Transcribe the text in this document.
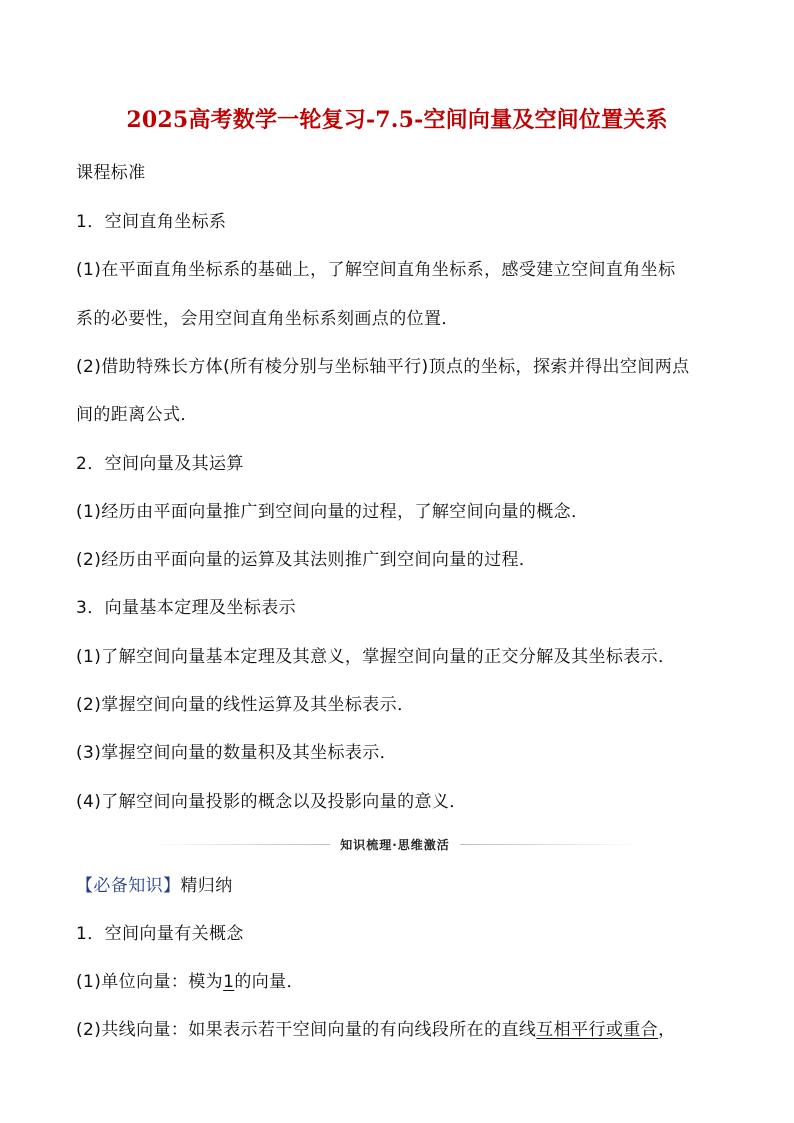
2025高考数学一轮复习-7.5-空间向量及空间位置关系
课程标准
1．空间直角坐标系
(1)在平面直角坐标系的基础上，了解空间直角坐标系，感受建立空间直角坐标
系的必要性，会用空间直角坐标系刻画点的位置．
(2)借助特殊长方体(所有棱分别与坐标轴平行)顶点的坐标，探索并得出空间两点
间的距离公式．
2．空间向量及其运算
(1)经历由平面向量推广到空间向量的过程，了解空间向量的概念．
(2)经历由平面向量的运算及其法则推广到空间向量的过程．
3．向量基本定理及坐标表示
(1)了解空间向量基本定理及其意义，掌握空间向量的正交分解及其坐标表示．
(2)掌握空间向量的线性运算及其坐标表示．
(3)掌握空间向量的数量积及其坐标表示．
(4)了解空间向量投影的概念以及投影向量的意义．
知识梳理·思维激活
【必备知识】精归纳
1．空间向量有关概念
(1)单位向量：模为1的向量．
(2)共线向量：如果表示若干空间向量的有向线段所在的直线互相平行或重合，
